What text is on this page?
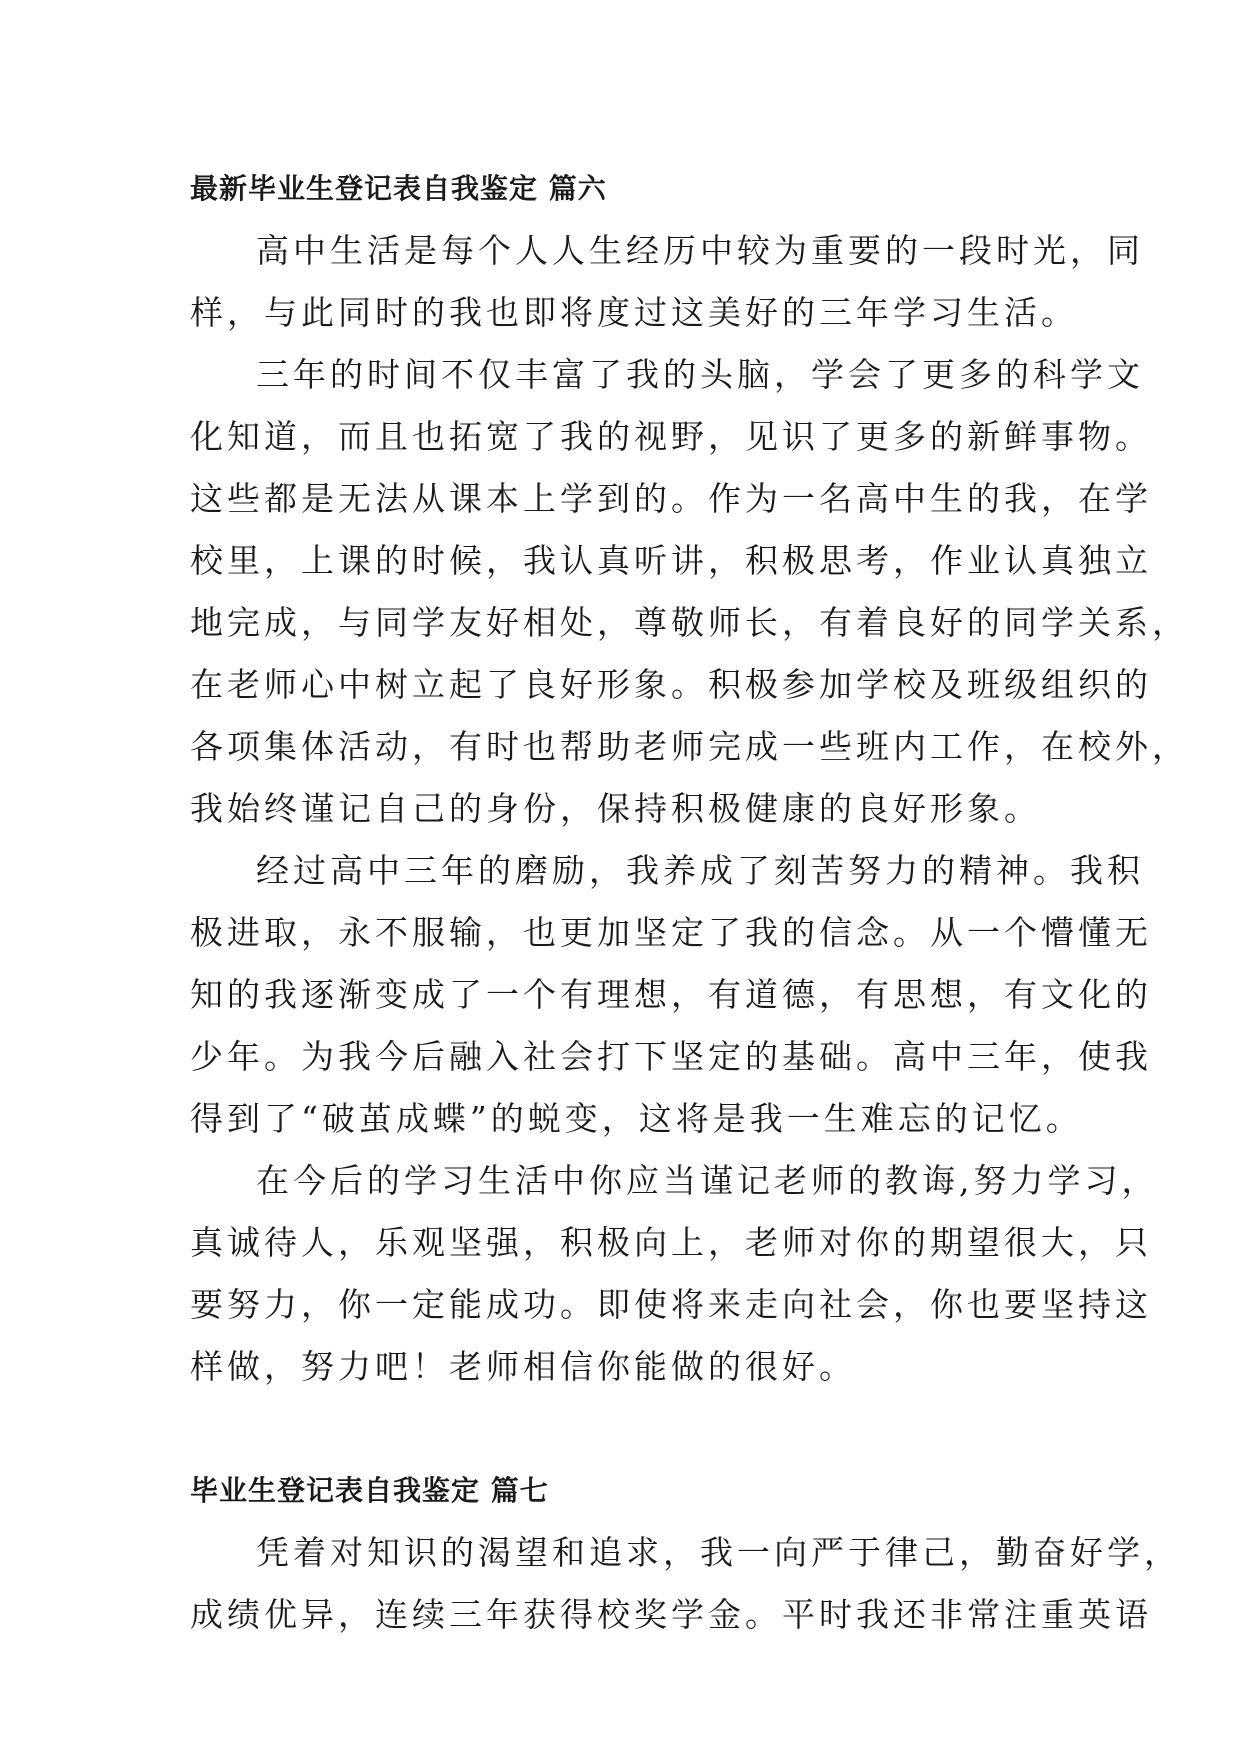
最新毕业生登记表自我鉴定 篇六

高中生活是每个人人生经历中较为重要的一段时光，同
样，与此同时的我也即将度过这美好的三年学习生活。

三年的时间不仅丰富了我的头脑，学会了更多的科学文
化知道，而且也拓宽了我的视野，见识了更多的新鲜事物。
这些都是无法从课本上学到的。作为一名高中生的我，在学
校里，上课的时候，我认真听讲，积极思考，作业认真独立
地完成，与同学友好相处，尊敬师长，有着良好的同学关系，
在老师心中树立起了良好形象。积极参加学校及班级组织的
各项集体活动，有时也帮助老师完成一些班内工作，在校外，
我始终谨记自己的身份，保持积极健康的良好形象。

经过高中三年的磨励，我养成了刻苦努力的精神。我积
极进取，永不服输，也更加坚定了我的信念。从一个懵懂无
知的我逐渐变成了一个有理想，有道德，有思想，有文化的
少年。为我今后融入社会打下坚定的基础。高中三年，使我
得到了“破茧成蝶”的蜕变，这将是我一生难忘的记忆。

在今后的学习生活中你应当谨记老师的教诲,努力学习，
真诚待人，乐观坚强，积极向上，老师对你的期望很大，只
要努力，你一定能成功。即使将来走向社会，你也要坚持这
样做，努力吧！老师相信你能做的很好。

毕业生登记表自我鉴定 篇七

凭着对知识的渴望和追求，我一向严于律己，勤奋好学，
成绩优异，连续三年获得校奖学金。平时我还非常注重英语
